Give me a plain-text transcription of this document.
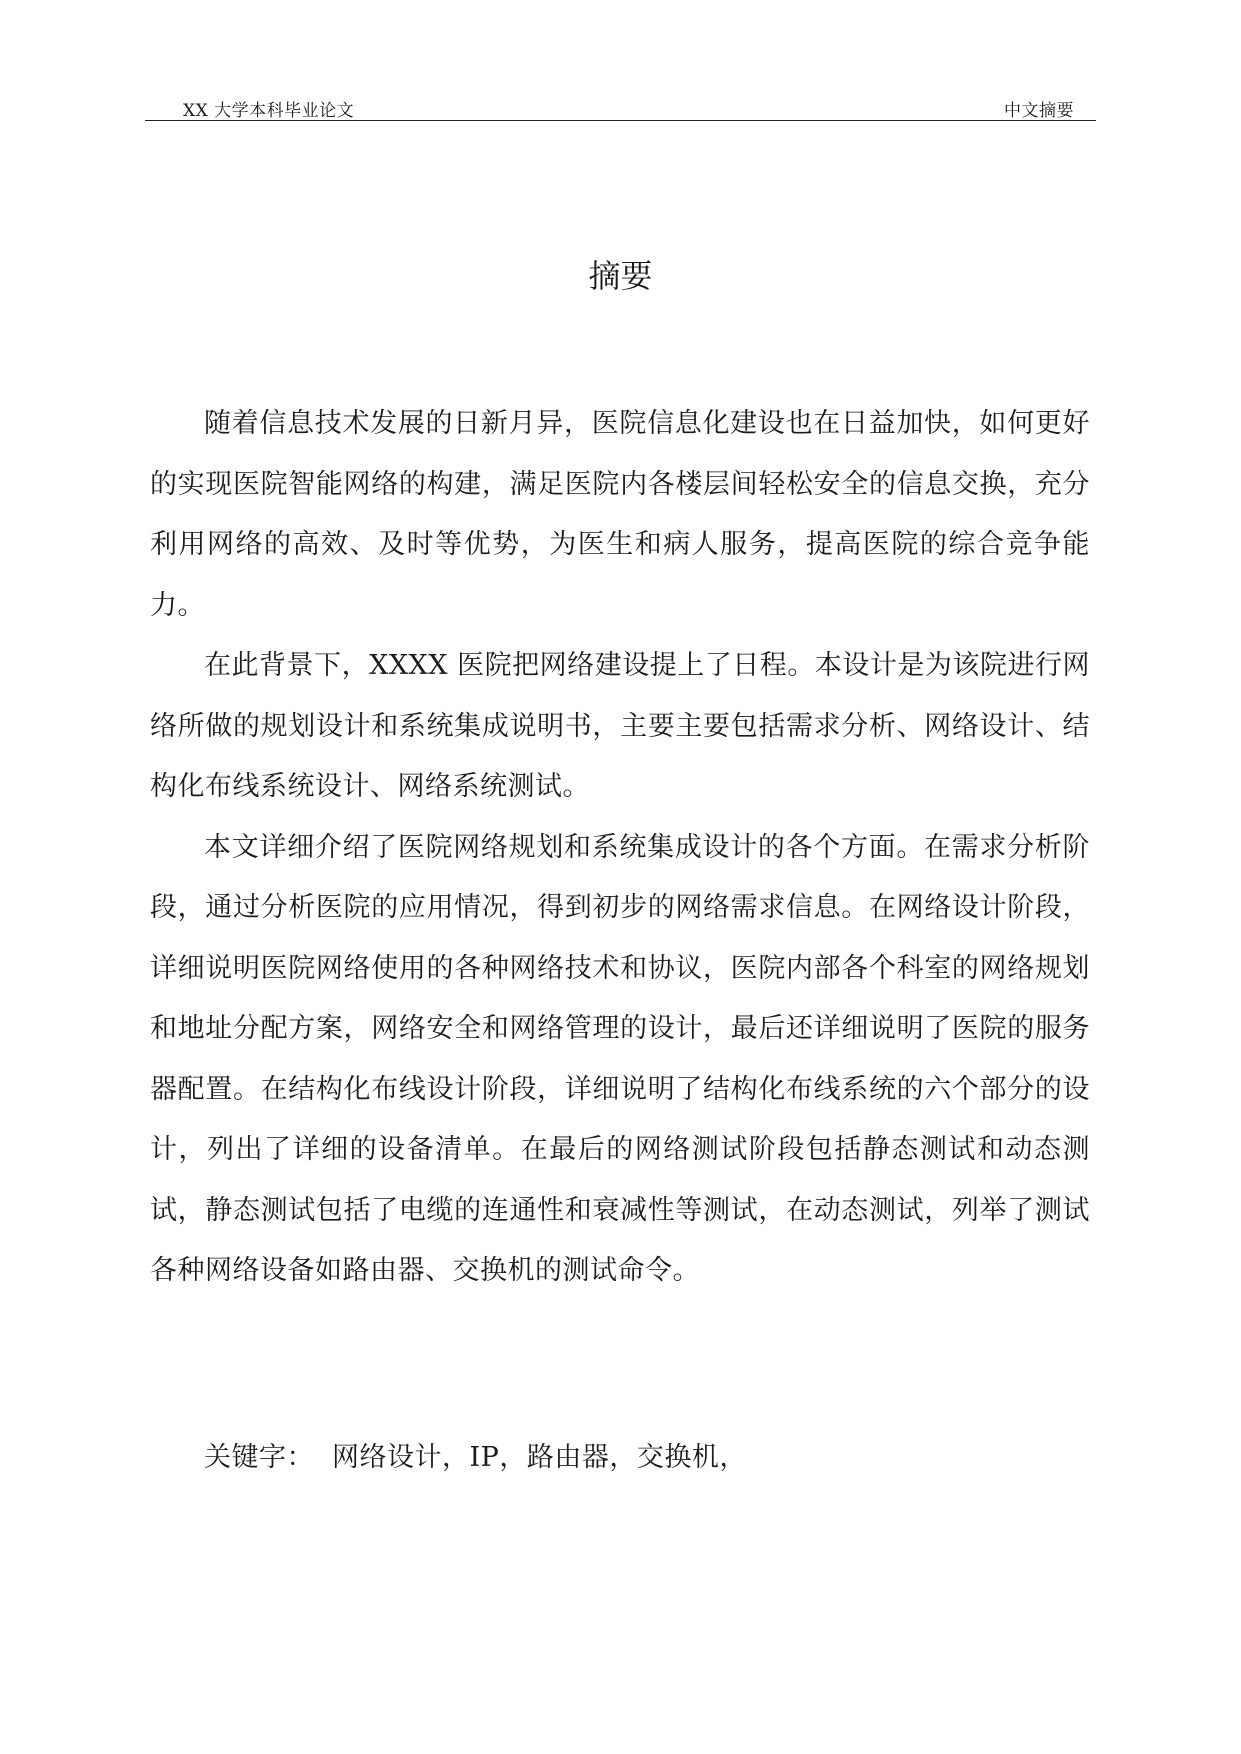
XX 大学本科毕业论文	中文摘要
摘要

随着信息技术发展的日新月异，医院信息化建设也在日益加快，如何更好的实现医院智能网络的构建，满足医院内各楼层间轻松安全的信息交换，充分利用网络的高效、及时等优势，为医生和病人服务，提高医院的综合竞争能力。

在此背景下，XXXX 医院把网络建设提上了日程。本设计是为该院进行网络所做的规划设计和系统集成说明书，主要主要包括需求分析、网络设计、结构化布线系统设计、网络系统测试。

本文详细介绍了医院网络规划和系统集成设计的各个方面。在需求分析阶段，通过分析医院的应用情况，得到初步的网络需求信息。在网络设计阶段，详细说明医院网络使用的各种网络技术和协议，医院内部各个科室的网络规划和地址分配方案，网络安全和网络管理的设计，最后还详细说明了医院的服务器配置。在结构化布线设计阶段，详细说明了结构化布线系统的六个部分的设计，列出了详细的设备清单。在最后的网络测试阶段包括静态测试和动态测试，静态测试包括了电缆的连通性和衰减性等测试，在动态测试，列举了测试各种网络设备如路由器、交换机的测试命令。

关键字： 网络设计，IP，路由器，交换机，
